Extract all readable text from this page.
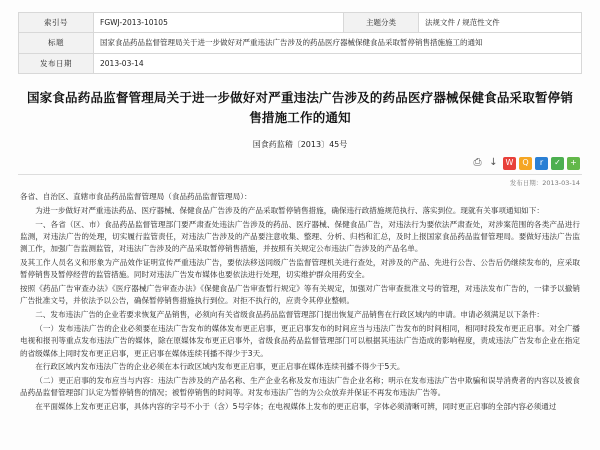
索引号	FGWJ-2013-10105	主题分类	法规文件 / 规范性文件
标题	国家食品药品监督管理局关于进一步做好对严重违法广告涉及的药品医疗器械保健食品采取暂停销售措施施工的通知		
发布日期	2013-03-14		
国家食品药品监督管理局关于进一步做好对严重违法广告涉及的药品医疗器械保健食品采取暂停销售措施工作的通知
国食药监稽〔2013〕45号
⎙ ↓ W	Q	r	✓	+
发布日期：2013-03-14

各省、自治区、直辖市食品药品监督管理局（食品药品监督管理局）：

为进一步做好对严重违法药品、医疗器械、保健食品广告涉及的产品采取暂停销售措施，确保违行政措施规范执行、落实到位。现就有关事项通知如下：

一、各省（区、市）食品药品监督管理部门要严肃查处违法广告涉及的药品、医疗器械、保健食品广告，对违法行为要依法严肃查处，对涉案范围的各类产品进行监测，对违法广告的处理，切实履行监管责任，对违法广告涉及的产品要注意收集、整理、分析、归档和汇总，及时上报国家食品药品监督管理局。要做好违法广告监测工作，加强广告监测监管，对违法广告涉及的产品采取暂停销售措施，并按照有关规定公布违法广告涉及的产品名单。

及其工作人员名义和形象为产品效作证明宣传严重违法广告，要依法移送同级广告监督管理机关进行查处，对涉及的产品、先进行公告、公告后仍继续发布的，应采取暂停销售及暂停经营的监管措施。同时对违法广告发布媒体也要依法进行处理，切实维护群众用药安全。

按照《药品广告审查办法》《医疗器械广告审查办法》《保健食品广告审查暂行规定》等有关规定，加强对广告审查批准文号的管理，对违法发布广告的，一律予以撤销广告批准文号，并依法予以公告，确保暂停销售措施执行到位。对拒不执行的，应责令其停业整顿。

二、发布违法广告的企业若要求恢复产品销售，必须向有关省级食品药品监督管理部门提出恢复产品销售在行政区域内的申请。申请必须满足以下条件：

（一）发布违法广告的企业必须要在违法广告发布的媒体发布更正启事，更正启事发布的时间应当与违法广告发布的时间相同，相同时段发布更正启事。对全广播电视和报刊等重点发布违法广告的媒体，除在原媒体发布更正启事外，省级食品药品监督管理部门可以根据其违法广告造成的影响程度，责成违法广告发布企业在指定的省级媒体上同时发布更正启事，更正启事在媒体连续刊播不得少于3天。

在行政区域内发布违法广告的企业必须在本行政区域内发布更正启事，更正启事在媒体连续刊播不得少于5天。

（二）更正启事的发布应当与内容：违法广告涉及的产品名称、生产企业名称及发布违法广告企业名称；明示在发布违法广告中欺骗和误导消费者的内容以及被食品药品监督管理部门认定为暂停销售的情况；被暂停销售的时间等。对发布违法广告的为公众放弃并保证不再发布违法广告等。

在平面媒体上发布更正启事，具体内容的字号不小于（含）5号字体；在电视媒体上发布的更正启事，字体必须清晰可辨，同时更正启事的全部内容必须通过
